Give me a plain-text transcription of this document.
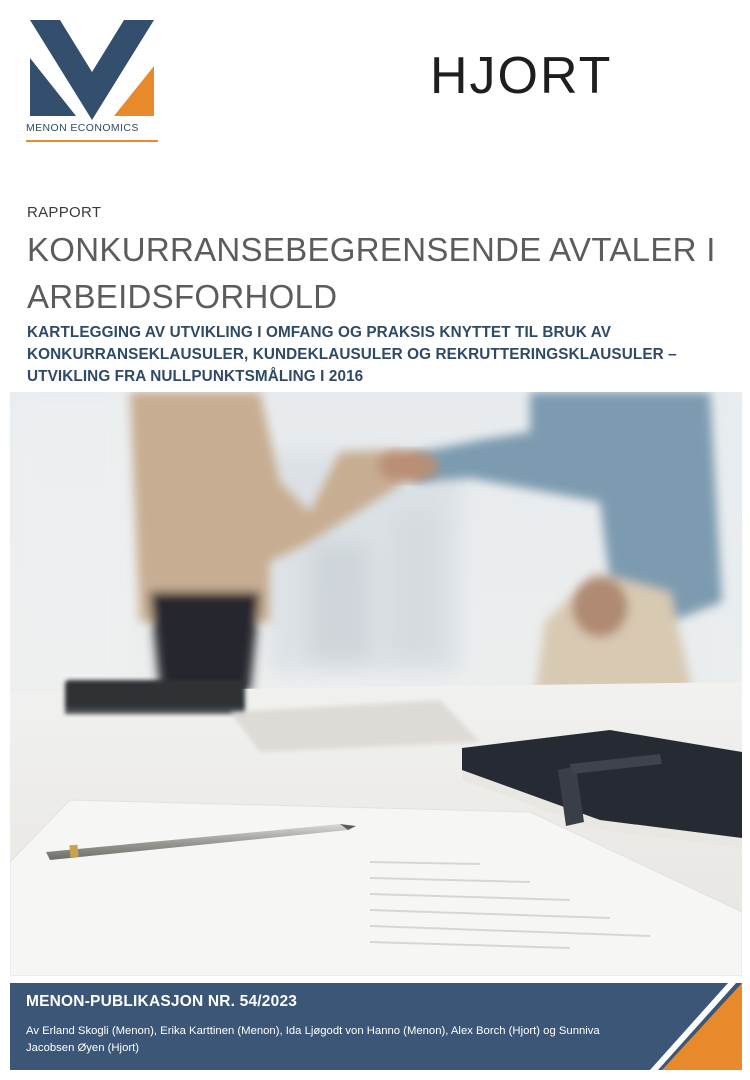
MENON ECONOMICS
HJORT
RAPPORT
KONKURRANSEBEGRENSENDE AVTALER I ARBEIDSFORHOLD
KARTLEGGING AV UTVIKLING I OMFANG OG PRAKSIS KNYTTET TIL BRUK AV KONKURRANSEKLAUSULER, KUNDEKLAUSULER OG REKRUTTERINGSKLAUSULER – UTVIKLING FRA NULLPUNKTSMÅLING I 2016
MENON-PUBLIKASJON NR. 54/2023
Av Erland Skogli (Menon), Erika Karttinen (Menon), Ida Ljøgodt von Hanno (Menon), Alex Borch (Hjort) og Sunniva Jacobsen Øyen (Hjort)
